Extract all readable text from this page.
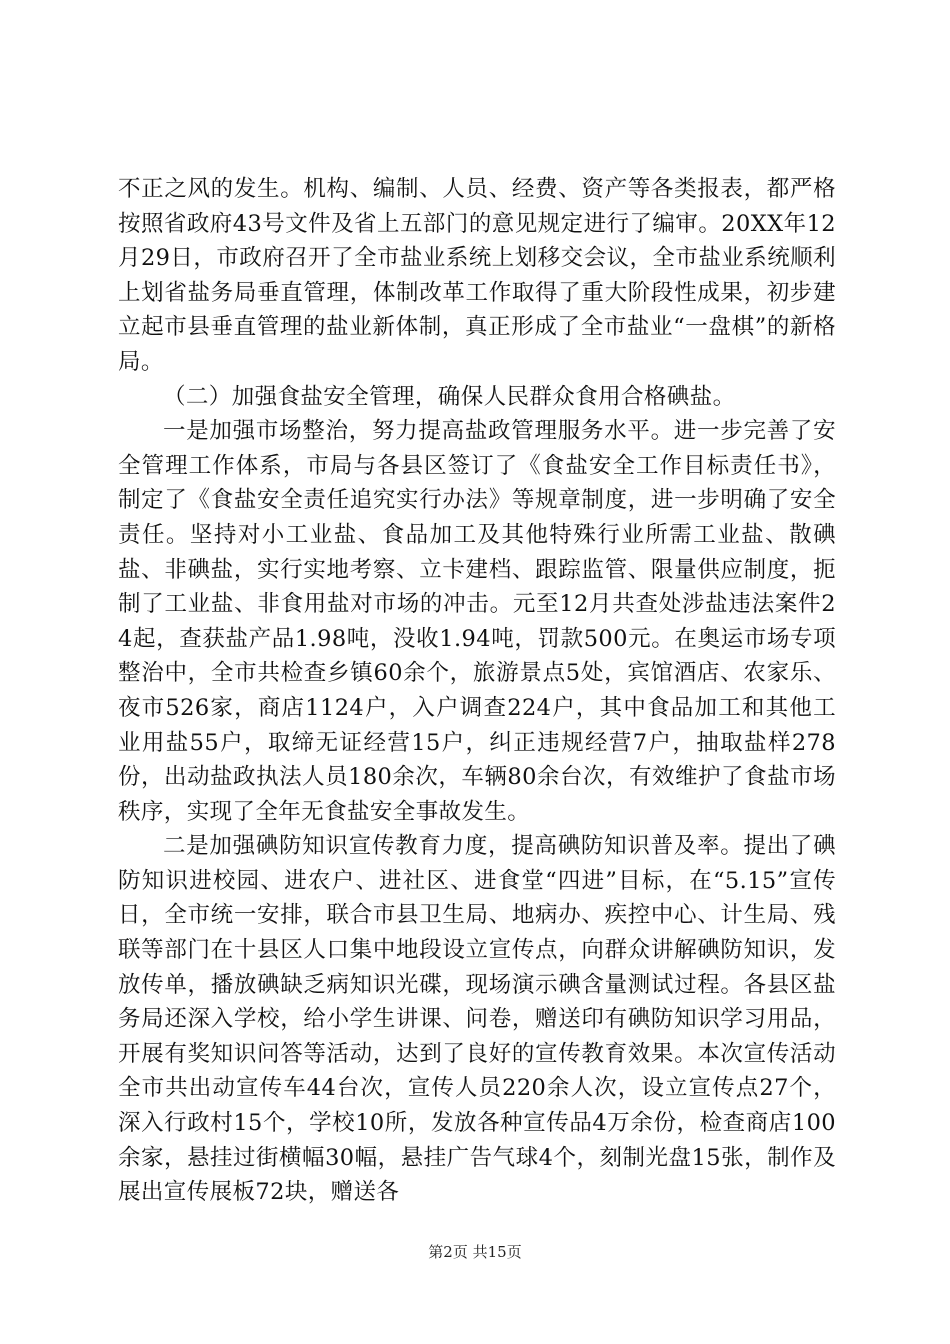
不正之风的发生。机构、编制、人员、经费、资产等各类报表，都严格按照省政府43号文件及省上五部门的意见规定进行了编审。20XX年12月29日，市政府召开了全市盐业系统上划移交会议，全市盐业系统顺利上划省盐务局垂直管理，体制改革工作取得了重大阶段性成果，初步建立起市县垂直管理的盐业新体制，真正形成了全市盐业“一盘棋”的新格局。

（二）加强食盐安全管理，确保人民群众食用合格碘盐。

一是加强市场整治，努力提高盐政管理服务水平。进一步完善了安全管理工作体系，市局与各县区签订了《食盐安全工作目标责任书》，制定了《食盐安全责任追究实行办法》等规章制度，进一步明确了安全责任。坚持对小工业盐、食品加工及其他特殊行业所需工业盐、散碘盐、非碘盐，实行实地考察、立卡建档、跟踪监管、限量供应制度，扼制了工业盐、非食用盐对市场的冲击。元至12月共查处涉盐违法案件24起，查获盐产品1.98吨，没收1.94吨，罚款500元。在奥运市场专项整治中，全市共检查乡镇60余个，旅游景点5处，宾馆酒店、农家乐、夜市526家，商店1124户，入户调查224户，其中食品加工和其他工业用盐55户，取缔无证经营15户，纠正违规经营7户，抽取盐样278份，出动盐政执法人员180余次，车辆80余台次，有效维护了食盐市场秩序，实现了全年无食盐安全事故发生。

二是加强碘防知识宣传教育力度，提高碘防知识普及率。提出了碘防知识进校园、进农户、进社区、进食堂“四进”目标，在“5.15”宣传日，全市统一安排，联合市县卫生局、地病办、疾控中心、计生局、残联等部门在十县区人口集中地段设立宣传点，向群众讲解碘防知识，发放传单，播放碘缺乏病知识光碟，现场演示碘含量测试过程。各县区盐务局还深入学校，给小学生讲课、问卷，赠送印有碘防知识学习用品，开展有奖知识问答等活动，达到了良好的宣传教育效果。本次宣传活动全市共出动宣传车44台次，宣传人员220余人次，设立宣传点27个，深入行政村15个，学校10所，发放各种宣传品4万余份，检查商店100余家，悬挂过街横幅30幅，悬挂广告气球4个，刻制光盘15张，制作及展出宣传展板72块，赠送各

第2页 共15页
